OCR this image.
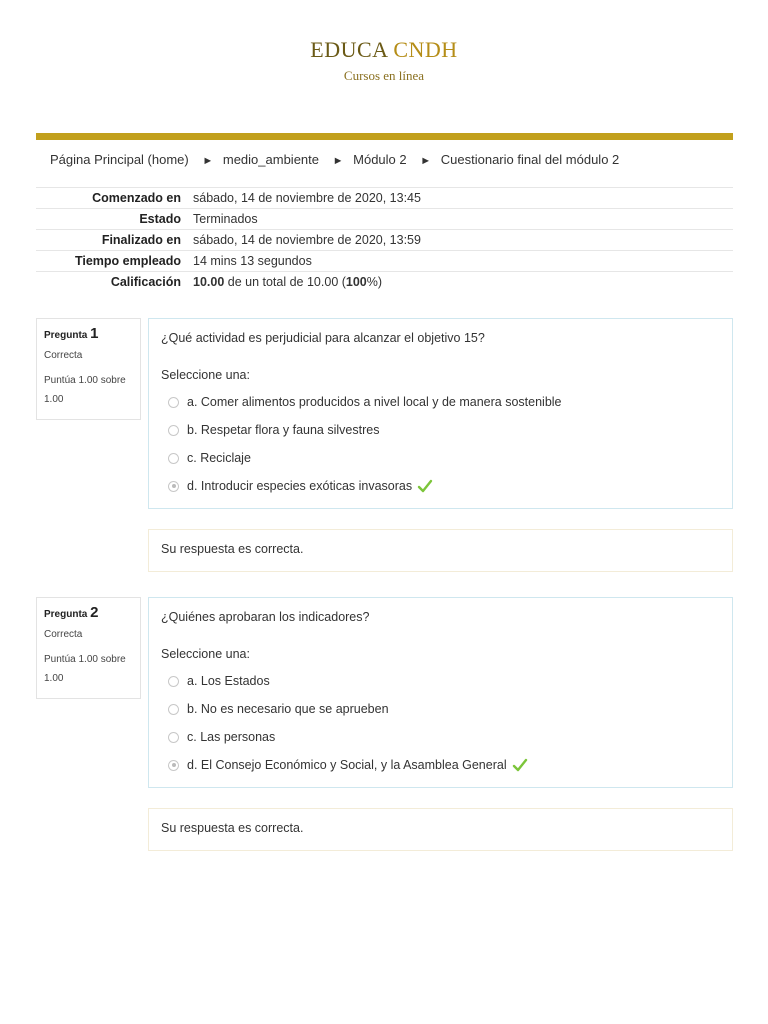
EDUCA CNDH
Cursos en línea
Página Principal (home) ► medio_ambiente ► Módulo 2 ► Cuestionario final del módulo 2
Comenzado en	sábado, 14 de noviembre de 2020, 13:45
Estado	Terminados
Finalizado en	sábado, 14 de noviembre de 2020, 13:59
Tiempo empleado	14 mins 13 segundos
Calificación	10.00 de un total de 10.00 (100%)
Pregunta 1
Correcta
Puntúa 1.00 sobre 1.00
¿Qué actividad es perjudicial para alcanzar el objetivo 15?
Seleccione una:
a. Comer alimentos producidos a nivel local y de manera sostenible
b. Respetar flora y fauna silvestres
c. Reciclaje
d. Introducir especies exóticas invasoras
Su respuesta es correcta.
Pregunta 2
Correcta
Puntúa 1.00 sobre 1.00
¿Quiénes aprobaran los indicadores?
Seleccione una:
a. Los Estados
b. No es necesario que se aprueben
c. Las personas
d. El Consejo Económico y Social, y la Asamblea General
Su respuesta es correcta.
